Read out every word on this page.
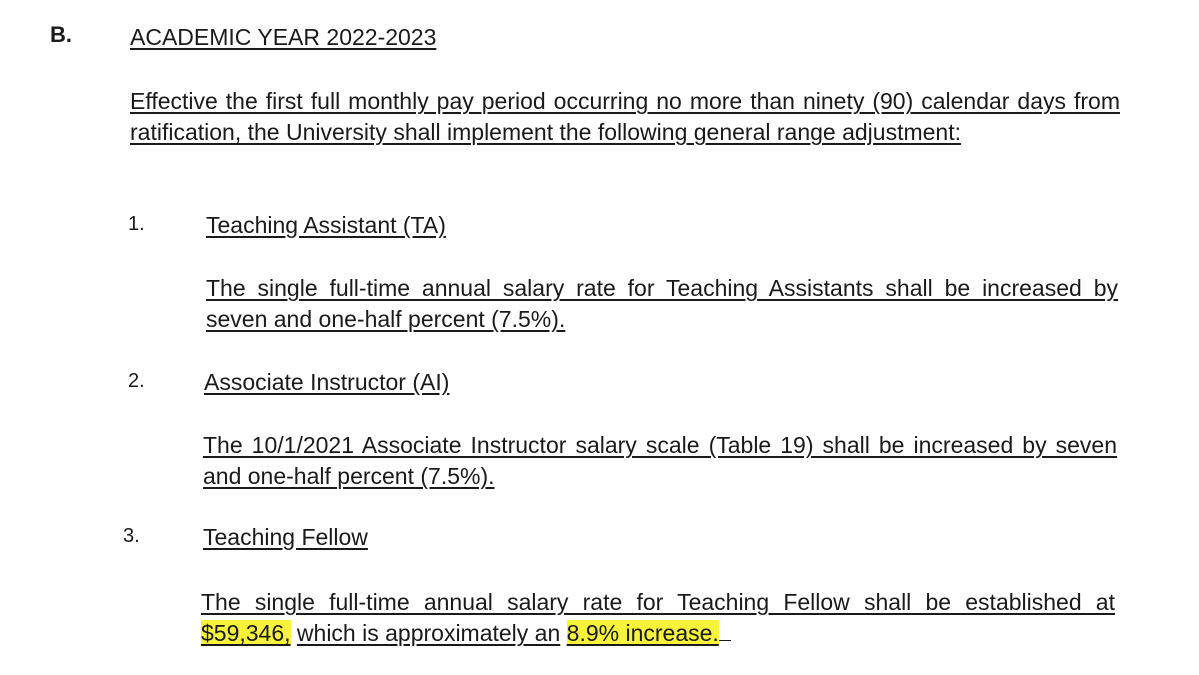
B.	ACADEMIC YEAR 2022-2023
Effective the first full monthly pay period occurring no more than ninety (90) calendar days from ratification, the University shall implement the following general range adjustment:
1.	Teaching Assistant (TA)
The single full-time annual salary rate for Teaching Assistants shall be increased by seven and one-half percent (7.5%).
2.	Associate Instructor (AI)
The 10/1/2021 Associate Instructor salary scale (Table 19) shall be increased by seven and one-half percent (7.5%).
3.	Teaching Fellow
The single full-time annual salary rate for Teaching Fellow shall be established at $59,346, which is approximately an 8.9% increase.
